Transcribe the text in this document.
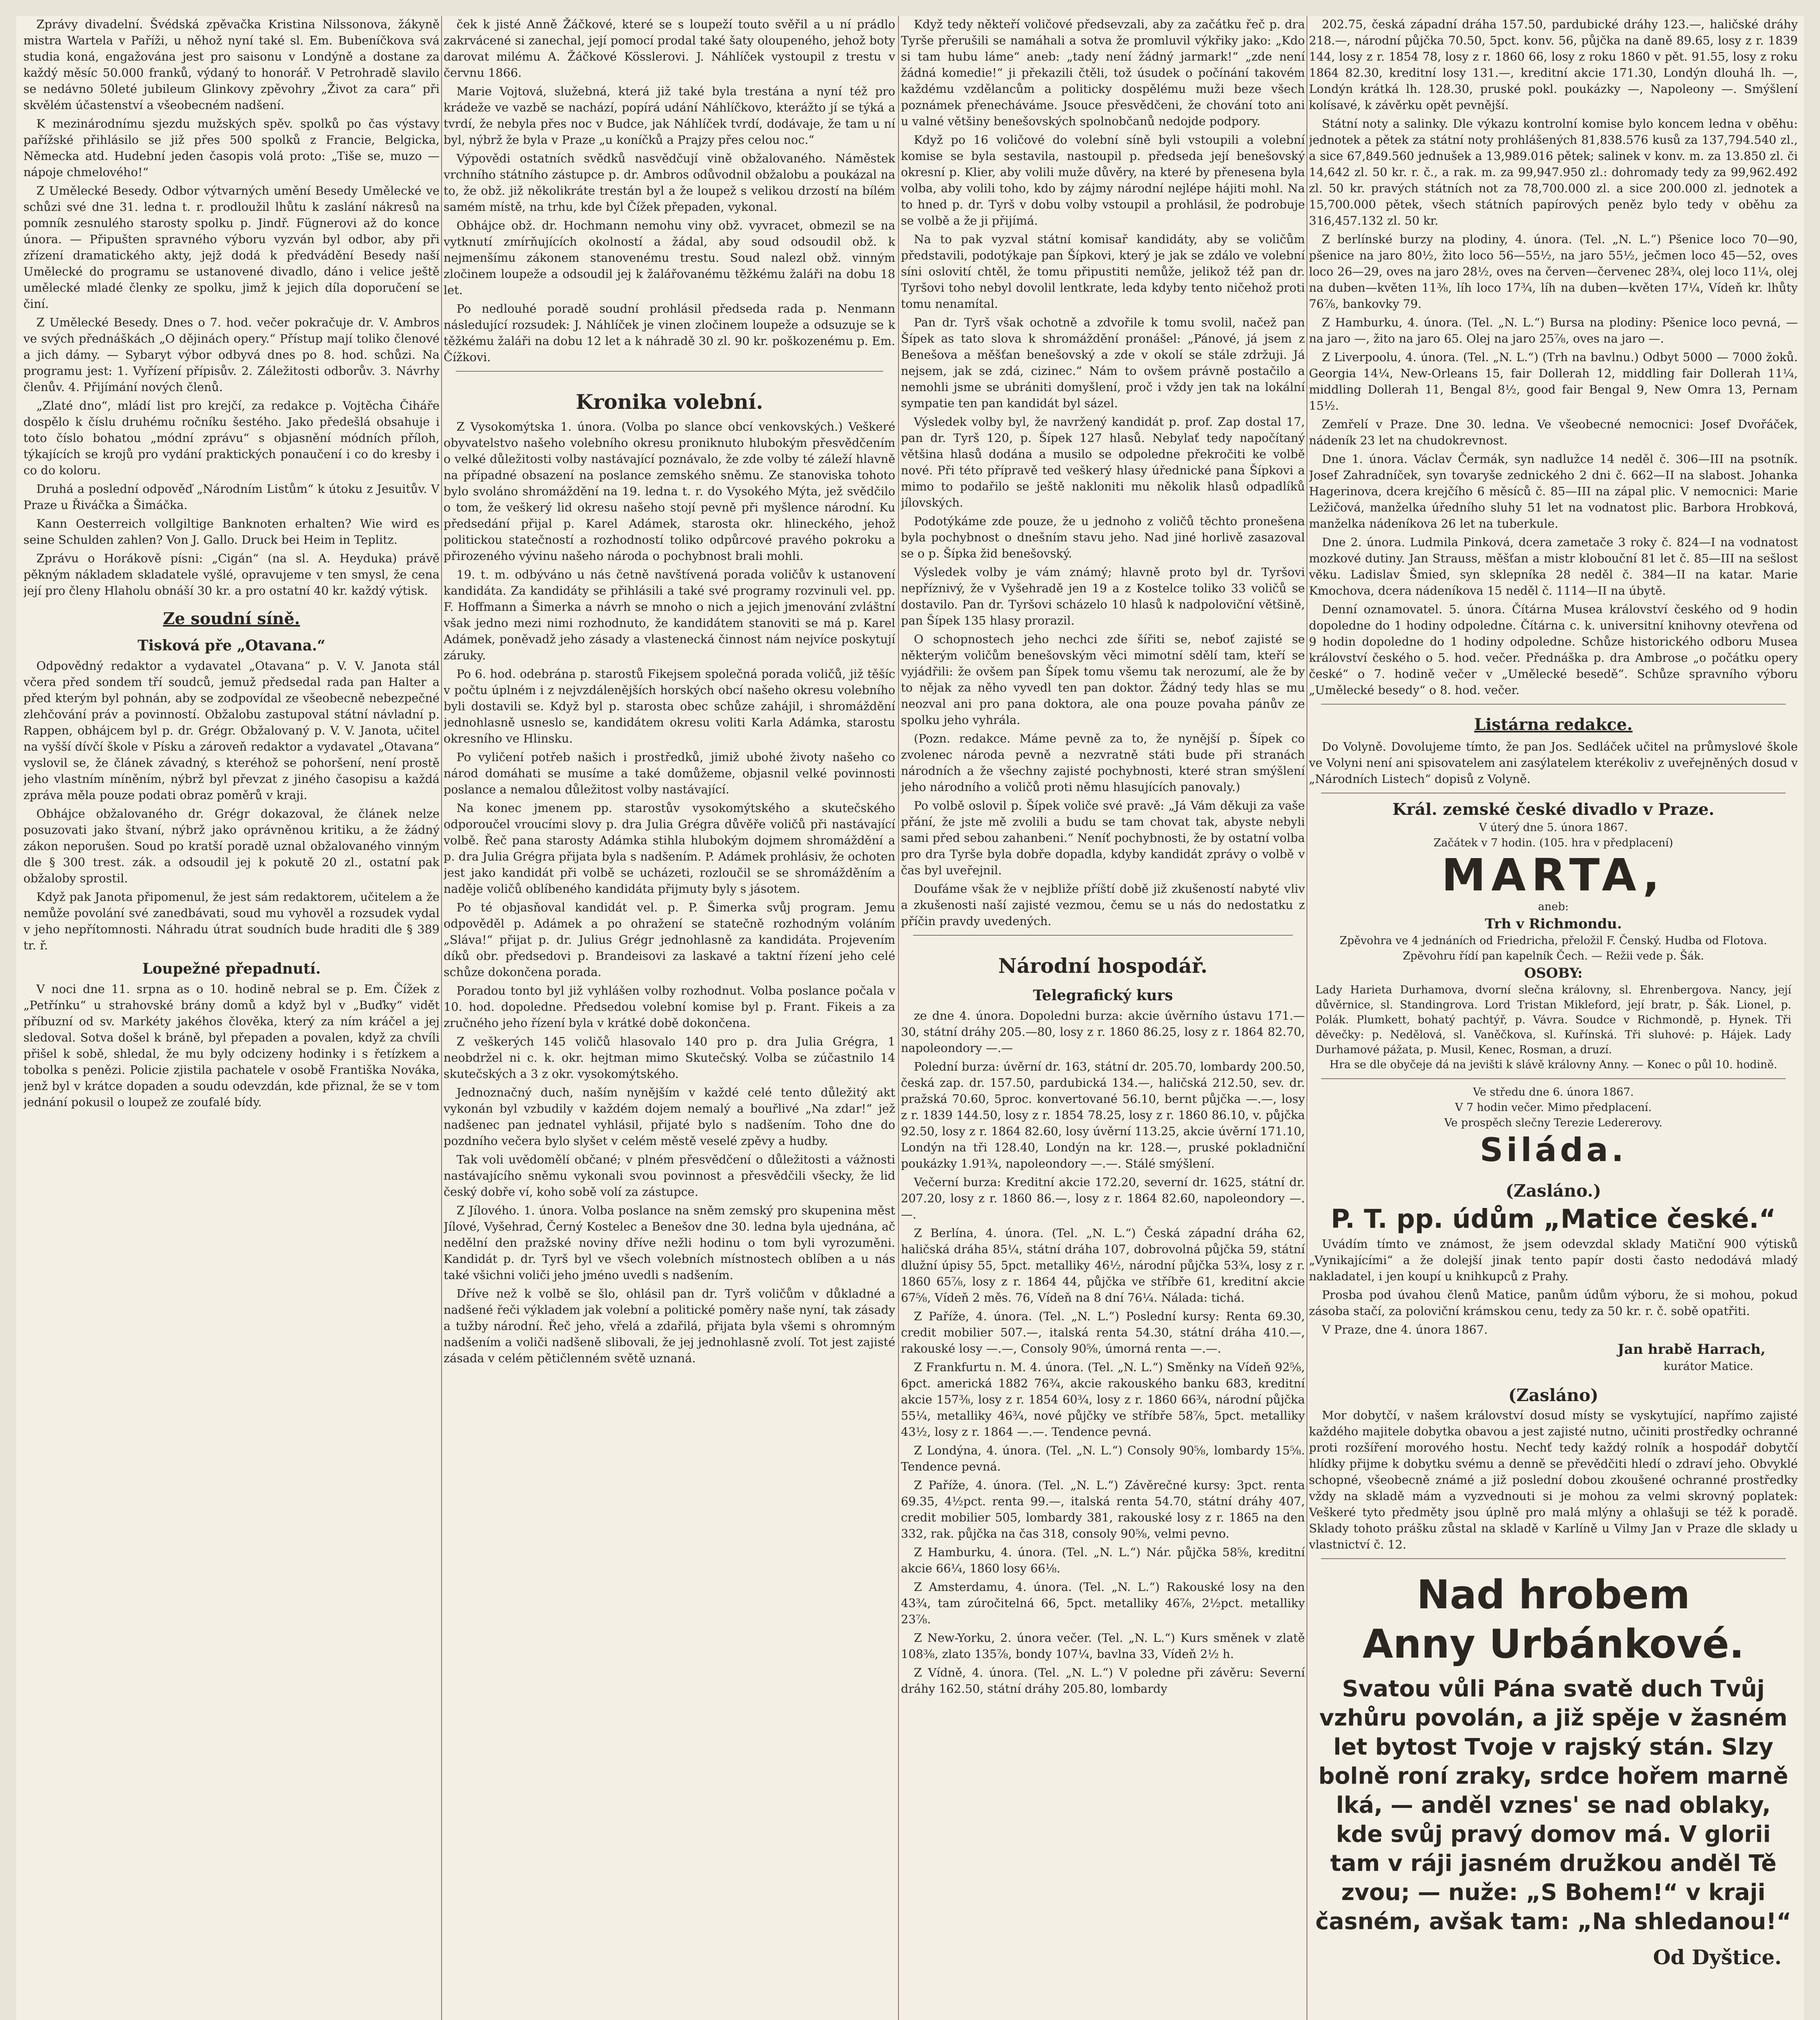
Zprávy divadelní. Švédská zpěvačka Kristina Nilssonova, žákyně mistra Wartela v Paříži, u něhož nyní také sl. Em. Bubeníčkova svá studia koná, engažována jest pro saisonu v Londýně a dostane za každý měsíc 50.000 franků, výdaný to honorář. V Petrohradě slavilo se nedávno 50leté jubileum Glinkovy zpěvohry „Život za cara“ při skvělém účastenství a všeobecném nadšení.

K mezinárodnímu sjezdu mužských spěv. spolků po čas výstavy pařížské přihlásilo se již přes 500 spolků z Francie, Belgicka, Německa atd. Hudební jeden časopis volá proto: „Tiše se, muzo — nápoje chmelového!“

Z Umělecké Besedy. Odbor výtvarných umění Besedy Umělecké ve schůzi své dne 31. ledna t. r. prodloužil lhůtu k zaslání nákresů na pomník zesnulého starosty spolku p. Jindř. Fügnerovi až do konce února. — Připušten spravného výboru vyzván byl odbor, aby při zřízení dramatického akty, jejž dodá k předvádění Besedy naší Umělecké do programu se ustanovené divadlo, dáno i velice ještě umělecké mladé členky ze spolku, jimž k jejich díla doporučení se činí.

Z Umělecké Besedy. Dnes o 7. hod. večer pokračuje dr. V. Ambros ve svých přednáškách „O dějinách opery.“ Přístup mají toliko členové a jich dámy. — Sybaryt výbor odbyvá dnes po 8. hod. schůzi. Na programu jest: 1. Vyřízení přípisův. 2. Záležitosti odborův. 3. Návrhy členův. 4. Přijímání nových členů.

„Zlaté dno“, mládí list pro krejčí, za redakce p. Vojtěcha Čiháře dospělo k číslu druhému ročníku šestého. Jako předešlá obsahuje i toto číslo bohatou „módní zprávu“ s objasnění módních příloh, týkajících se krojů pro vydání praktických ponaučení i co do kresby i co do koloru.

Druhá a poslední odpověď „Národním Listům“ k útoku z Jesuitův. V Praze u Řiváčka a Šimáčka.

Kann Oesterreich vollgiltige Banknoten erhalten? Wie wird es seine Schulden zahlen? Von J. Gallo. Druck bei Heim in Teplitz.

Zprávu o Horákově písni: „Cigán“ (na sl. A. Heyduka) právě pěkným nákladem skladatele vyšlé, opravujeme v ten smysl, že cena její pro členy Hlaholu obnáší 30 kr. a pro ostatní 40 kr. každý výtisk.

Ze soudní síně.
Tisková pře „Otavana.“

Odpovědný redaktor a vydavatel „Otavana“ p. V. V. Janota stál včera před sondem tří soudců, jemuž předsedal rada pan Halter a před kterým byl pohnán, aby se zodpovídal ze všeobecně nebezpečné zlehčování práv a povinností. Obžalobu zastupoval státní návladní p. Rappen, obhájcem byl p. dr. Grégr. Obžalovaný p. V. V. Janota, učitel na vyšší dívčí škole v Písku a zároveň redaktor a vydavatel „Otavana“ vyslovil se, že článek závadný, s kteréhož se pohoršení, není prostě jeho vlastním míněním, nýbrž byl převzat z jiného časopisu a každá zpráva měla pouze podati obraz poměrů v kraji.

Obhájce obžalovaného dr. Grégr dokazoval, že článek nelze posuzovati jako štvaní, nýbrž jako oprávněnou kritiku, a že žádný zákon neporušen. Soud po kratší poradě uznal obžalovaného vinným dle § 300 trest. zák. a odsoudil jej k pokutě 20 zl., ostatní pak obžaloby sprostil.

Když pak Janota připomenul, že jest sám redaktorem, učitelem a že nemůže povolání své zanedbávati, soud mu vyhověl a rozsudek vydal v jeho nepřítomnosti. Náhradu útrat soudních bude hraditi dle § 389 tr. ř.

Loupežné přepadnutí.

V noci dne 11. srpna as o 10. hodině nebral se p. Em. Čížek z „Petřínku“ u strahovské brány domů a když byl v „Buďky“ vidět příbuzní od sv. Markéty jakéhos člověka, který za ním kráčel a jej sledoval. Sotva došel k bráně, byl přepaden a povalen, když za chvíli přišel k sobě, shledal, že mu byly odcizeny hodinky i s řetízkem a tobolka s penězi. Policie zjistila pachatele v osobě Františka Nováka, jenž byl v krátce dopaden a soudu odevzdán, kde přiznal, že se v tom jednání pokusil o loupež ze zoufalé bídy.

ček k jisté Anně Žáčkové, které se s loupeží touto svěřil a u ní prádlo zakrvácené si zanechal, její pomocí prodal také šaty oloupeného, jehož boty darovat milému A. Žáčkové Kösslerovi. J. Náhlíček vystoupil z trestu v červnu 1866.

Marie Vojtová, služebná, která již také byla trestána a nyní též pro krádeže ve vazbě se nachází, popírá udání Náhlíčkovo, kterážto jí se týká a tvrdí, že nebyla přes noc v Budce, jak Náhlíček tvrdí, dodávaje, že tam u ní byl, nýbrž že byla v Praze „u koníčků a Prajzy přes celou noc.“

Výpovědi ostatních svědků nasvědčují vině obžalovaného. Náměstek vrchního státního zástupce p. dr. Ambros odůvodnil obžalobu a poukázal na to, že obž. již několikráte trestán byl a že loupež s velikou drzostí na bílém samém místě, na trhu, kde byl Čížek přepaden, vykonal.

Obhájce obž. dr. Hochmann nemohu viny obž. vyvracet, obmezil se na vytknutí zmírňujících okolností a žádal, aby soud odsoudil obž. k nejmenšímu zákonem stanovenému trestu. Soud nalezl obž. vinným zločinem loupeže a odsoudil jej k žalářovanému těžkému žaláři na dobu 18 let.

Po nedlouhé poradě soudní prohlásil předseda rada p. Nenmann následující rozsudek: J. Náhlíček je vinen zločinem loupeže a odsuzuje se k těžkému žaláři na dobu 12 let a k náhradě 30 zl. 90 kr. poškozenému p. Em. Čížkovi.

Kronika volební.

Z Vysokomýtska 1. února. (Volba po slance obcí venkovských.) Veškeré obyvatelstvo našeho volebního okresu proniknuto hlubokým přesvědčením o velké důležitosti volby nastávající poznávalo, že zde volby té záleží hlavně na případné obsazení na poslance zemského sněmu. Ze stanoviska tohoto bylo svoláno shromáždění na 19. ledna t. r. do Vysokého Mýta, jež svědčilo o tom, že veškerý lid okresu našeho stojí pevně při myšlence národní. Ku předsedání přijal p. Karel Adámek, starosta okr. hlineckého, jehož politickou statečností a rozhodností toliko odpůrcové pravého pokroku a přirozeného vývinu našeho národa o pochybnost brali mohli.

19. t. m. odbýváno u nás četně navštívená porada voličův k ustanovení kandidáta. Za kandidáty se přihlásili a také své programy rozvinuli vel. pp. F. Hoffmann a Šimerka a návrh se mnoho o nich a jejich jmenování zvláštní však jedno mezi nimi rozhodnuto, že kandidátem stanoviti se má p. Karel Adámek, poněvadž jeho zásady a vlastenecká činnost nám nejvíce poskytují záruky.

Po 6. hod. odebrána p. starostů Fikejsem společná porada voličů, již těšíc v počtu úplném i z nejvzdálenějších horských obcí našeho okresu volebního byli dostavili se. Když byl p. starosta obec schůze zahájil, i shromáždění jednohlasně usneslo se, kandidátem okresu voliti Karla Adámka, starostu okresního ve Hlinsku.

Po vyličení potřeb našich i prostředků, jimiž ubohé životy našeho co národ domáhati se musíme a také domůžeme, objasnil velké povinnosti poslance a nemalou důležitost volby nastávající.

Na konec jmenem pp. starostův vysokomýtského a skutečského odporoučel vroucími slovy p. dra Julia Grégra důvěře voličů při nastávající volbě. Řeč pana starosty Adámka stihla hlubokým dojmem shromáždění a p. dra Julia Grégra přijata byla s nadšením. P. Adámek prohlásiv, že ochoten jest jako kandidát při volbě se ucházeti, rozloučil se se shromážděním a naděje voličů oblíbeného kandidáta přijmuty byly s jásotem.

Po té objasňoval kandidát vel. p. P. Šimerka svůj program. Jemu odpověděl p. Adámek a po ohražení se statečně rozhodným voláním „Sláva!“ přijat p. dr. Julius Grégr jednohlasně za kandidáta. Projevením díků obr. předsedovi p. Brandeisovi za laskavé a taktní řízení jeho celé schůze dokončena porada.

Poradou tonto byl již vyhlášen volby rozhodnut. Volba poslance počala v 10. hod. dopoledne. Předsedou volební komise byl p. Frant. Fikeis a za zručného jeho řízení byla v krátké době dokončena.

Z veškerých 145 voličů hlasovalo 140 pro p. dra Julia Grégra, 1 neobdržel ni c. k. okr. hejtman mimo Skutečský. Volba se zúčastnilo 14 skutečských a 3 z okr. vysokomýtského.

Jednoznačný duch, naším nynějším v každé celé tento důležitý akt vykonán byl vzbudily v každém dojem nemalý a bouřlivé „Na zdar!“ jež nadšenec pan jednatel vyhlásil, přijaté bylo s nadšením. Toho dne do pozdního večera bylo slyšet v celém městě veselé zpěvy a hudby.

Tak voli uvědomělí občané; v plném přesvědčení o důležitosti a vážnosti nastávajícího sněmu vykonali svou povinnost a přesvědčili všecky, že lid český dobře ví, koho sobě volí za zástupce.

Z Jílového. 1. února. Volba poslance na sněm zemský pro skupenina měst Jílové, Vyšehrad, Černý Kostelec a Benešov dne 30. ledna byla ujednána, ač nedělní den pražské noviny dříve nežli hodinu o tom byli vyrozuměni. Kandidát p. dr. Tyrš byl ve všech volebních místnostech oblíben a u nás také všichni voliči jeho jméno uvedli s nadšením.

Dříve než k volbě se šlo, ohlásil pan dr. Tyrš voličům v důkladné a nadšené řeči výkladem jak volební a politické poměry naše nyní, tak zásady a tužby národní. Řeč jeho, vřelá a zdařilá, přijata byla všemi s ohromným nadšením a voliči nadšeně slibovali, že jej jednohlasně zvolí. Tot jest zajisté zásada v celém pětičlenném světě uznaná.

Když tedy někteří voličové předsevzali, aby za začátku řeč p. dra Tyrše přerušili se namáhali a sotva že promluvil výkřiky jako: „Kdo si tam hubu láme“ aneb: „tady není žádný jarmark!“ „zde není žádná komedie!“ ji překazili čtěli, tož úsudek o počínání takovém každému vzdělancům a politicky dospělému muži beze všech poznámek přenecháváme. Jsouce přesvědčeni, že chování toto ani u valné většiny benešovských spolnobčanů nedojde podpory.

Když po 16 voličové do volební síně byli vstoupili a volební komise se byla sestavila, nastoupil p. předseda její benešovský okresní p. Klier, aby volili muže důvěry, na které by přenesena byla volba, aby volili toho, kdo by zájmy národní nejlépe hájiti mohl. Na to hned p. dr. Tyrš v dobu volby vstoupil a prohlásil, že podrobuje se volbě a že ji přijímá.

Na to pak vyzval státní komisař kandidáty, aby se voličům představili, podotýkaje pan Šípkovi, který je jak se zdálo ve volební síni oslovití chtěl, že tomu připustiti nemůže, jelikož též pan dr. Tyršovi toho nebyl dovolil lentkrate, leda kdyby tento ničehož proti tomu nenamítal.

Pan dr. Tyrš však ochotně a zdvořile k tomu svolil, načež pan Šípek as tato slova k shromáždění pronášel: „Pánové, já jsem z Benešova a měšťan benešovský a zde v okolí se stále zdržuji. Já nejsem, jak se zdá, cizinec.“ Nám to ovšem právně postačilo a nemohli jsme se ubrániti domyšlení, proč i vždy jen tak na lokální sympatie ten pan kandidát byl sázel.

Výsledek volby byl, že navržený kandidát p. prof. Zap dostal 17, pan dr. Tyrš 120, p. Šípek 127 hlasů. Nebylať tedy napočítaný většina hlasů dodána a musilo se odpoledne překročiti ke volbě nové. Při této přípravě ted veškerý hlasy úřednické pana Šípkovi a mimo to podařilo se ještě nakloniti mu několik hlasů odpadlíků jílovských.

Podotýkáme zde pouze, že u jednoho z voličů těchto pronešena byla pochybnost o dnešním stavu jeho. Nad jiné horlivě zasazoval se o p. Šípka žid benešovský.

Výsledek volby je vám známý; hlavně proto byl dr. Tyršovi nepříznivý, že v Vyšehradě jen 19 a z Kostelce toliko 33 voličů se dostavilo. Pan dr. Tyršovi scházelo 10 hlasů k nadpoloviční většině, pan Šípek 135 hlasy prorazil.

O schopnostech jeho nechci zde šířiti se, neboť zajisté se některým voličům benešovským věci mimotní sdělí tam, kteří se vyjádřili: že ovšem pan Šípek tomu všemu tak nerozumí, ale že by to nějak za něho vyvedl ten pan doktor. Žádný tedy hlas se mu neozval ani pro pana doktora, ale ona pouze povaha pánův ze spolku jeho vyhrála.

(Pozn. redakce. Máme pevně za to, že nynější p. Šípek co zvolenec národa pevně a nezvratně státi bude při stranách národních a že všechny zajisté pochybnosti, které stran smýšlení jeho národního a voličů proti němu hlasujících panovaly.)

Po volbě oslovil p. Šípek voliče své pravě: „Já Vám děkuji za vaše přání, že jste mě zvolili a budu se tam chovat tak, abyste nebyli sami před sebou zahanbeni.“ Neníť pochybnosti, že by ostatní volba pro dra Tyrše byla dobře dopadla, kdyby kandidát zprávy o volbě v čas byl uveřejnil.

Doufáme však že v nejbliže příští době již zkušeností nabyté vliv a zkušenosti naší zajisté vezmou, čemu se u nás do nedostatku z příčin pravdy uvedených.

Národní hospodář.
Telegrafický kurs

ze dne 4. února. Dopoledni burza: akcie úvěrního ústavu 171.—30, státní dráhy 205.—80, losy z r. 1860 86.25, losy z r. 1864 82.70, napoleondory —.—

Polední burza: úvěrní dr. 163, státní dr. 205.70, lombardy 200.50, česká zap. dr. 157.50, pardubická 134.—, haličská 212.50, sev. dr. pražská 70.60, 5proc. konvertované 56.10, bernt půjčka —.—, losy z r. 1839 144.50, losy z r. 1854 78.25, losy z r. 1860 86.10, v. půjčka 92.50, losy z r. 1864 82.60, losy úvěrní 113.25, akcie úvěrní 171.10, Londýn na tři 128.40, Londýn na kr. 128.—, pruské pokladniční poukázky 1.91¾, napoleondory —.—. Stálé smýšlení.

Večerní burza: Kreditní akcie 172.20, severní dr. 1625, státní dr. 207.20, losy z r. 1860 86.—, losy z r. 1864 82.60, napoleondory —.—.

Z Berlína, 4. února. (Tel. „N. L.“) Česká západní dráha 62, haličská dráha 85¼, státní dráha 107, dobrovolná půjčka 59, státní dlužní úpisy 55, 5pct. metalliky 46½, národní půjčka 53¾, losy z r. 1860 65⅞, losy z r. 1864 44, půjčka ve stříbře 61, kreditní akcie 67⅝, Vídeň 2 měs. 76, Vídeň na 8 dní 76¼. Nálada: tichá.

Z Paříže, 4. února. (Tel. „N. L.“) Poslední kursy: Renta 69.30, credit mobilier 507.—, italská renta 54.30, státní dráha 410.—, rakouské losy —.—, Consoly 90⅝, úmorná renta —.—.

Z Frankfurtu n. M. 4. února. (Tel. „N. L.“) Směnky na Vídeň 92⅝, 6pct. americká 1882 76¾, akcie rakouského banku 683, kreditní akcie 157⅜, losy z r. 1854 60¾, losy z r. 1860 66¾, národní půjčka 55¼, metalliky 46¾, nové půjčky ve stříbře 58⅞, 5pct. metalliky 43½, losy z r. 1864 —.—. Tendence pevná.

Z Londýna, 4. února. (Tel. „N. L.“) Consoly 90⅝, lombardy 15⅝. Tendence pevná.

Z Paříže, 4. února. (Tel. „N. L.“) Závěrečné kursy: 3pct. renta 69.35, 4½pct. renta 99.—, italská renta 54.70, státní dráhy 407, credit mobilier 505, lombardy 381, rakouské losy z r. 1865 na den 332, rak. půjčka na čas 318, consoly 90⅝, velmi pevno.

Z Hamburku, 4. února. (Tel. „N. L.“) Nár. půjčka 58⅝, kreditní akcie 66¼, 1860 losy 66⅛.

Z Amsterdamu, 4. února. (Tel. „N. L.“) Rakouské losy na den 43¾, tam zúročitelná 66, 5pct. metalliky 46⅞, 2½pct. metalliky 23⅞.

Z New-Yorku, 2. února večer. (Tel. „N. L.“) Kurs směnek v zlatě 108⅜, zlato 135⅞, bondy 107¼, bavlna 33, Vídeň 2½ h.

Z Vídně, 4. února. (Tel. „N. L.“) V poledne při závěru: Severní dráhy 162.50, státní dráhy 205.80, lombardy

202.75, česká západní dráha 157.50, pardubické dráhy 123.—, haličské dráhy 218.—, národní půjčka 70.50, 5pct. konv. 56, půjčka na daně 89.65, losy z r. 1839 144, losy z r. 1854 78, losy z r. 1860 66, losy z roku 1860 v pět. 91.55, losy z roku 1864 82.30, kreditní losy 131.—, kreditní akcie 171.30, Londýn dlouhá lh. —, Londýn krátká lh. 128.30, pruské pokl. poukázky —, Napoleony —. Smýšlení kolísavé, k závěrku opět pevnější.

Státní noty a salinky. Dle výkazu kontrolní komise bylo koncem ledna v oběhu: jednotek a pětek za státní noty prohlášených 81,838.576 kusů za 137,794.540 zl., a sice 67,849.560 jednušek a 13,989.016 pětek; salinek v konv. m. za 13.850 zl. či 14,642 zl. 50 kr. r. č., a rak. m. za 99,947.950 zl.: dohromady tedy za 99,962.492 zl. 50 kr. pravých státních not za 78,700.000 zl. a sice 200.000 zl. jednotek a 15,700.000 pětek, všech státních papírových peněz bylo tedy v oběhu za 316,457.132 zl. 50 kr.

Z berlínské burzy na plodiny, 4. února. (Tel. „N. L.“) Pšenice loco 70—90, pšenice na jaro 80½, žito loco 56—55½, na jaro 55½, ječmen loco 45—52, oves loco 26—29, oves na jaro 28½, oves na červen—červenec 28¾, olej loco 11¼, olej na duben—květen 11⅜, líh loco 17¾, líh na duben—květen 17¼, Vídeň kr. lhůty 76⅞, bankovky 79.

Z Hamburku, 4. února. (Tel. „N. L.“) Bursa na plodiny: Pšenice loco pevná, — na jaro —, žito na jaro 65. Olej na jaro 25⅞, oves na jaro —.

Z Liverpoolu, 4. února. (Tel. „N. L.“) (Trh na bavlnu.) Odbyt 5000 — 7000 žoků. Georgia 14¼, New-Orleans 15, fair Dollerah 12, middling fair Dollerah 11¼, middling Dollerah 11, Bengal 8½, good fair Bengal 9, New Omra 13, Pernam 15½.

Zemřelí v Praze. Dne 30. ledna. Ve všeobecné nemocnici: Josef Dvořáček, nádeník 23 let na chudokrevnost.

Dne 1. února. Václav Čermák, syn nadlužce 14 neděl č. 306—III na psotník. Josef Zahradníček, syn tovaryše zednického 2 dni č. 662—II na slabost. Johanka Hagerinova, dcera krejčího 6 měsíců č. 85—III na zápal plic. V nemocnici: Marie Ležičová, manželka úředního sluhy 51 let na vodnatost plic. Barbora Hrobková, manželka nádeníkova 26 let na tuberkule.

Dne 2. února. Ludmila Pinková, dcera zametače 3 roky č. 824—I na vodnatost mozkové dutiny. Jan Strauss, měšťan a mistr klobouční 81 let č. 85—III na sešlost věku. Ladislav Šmied, syn sklepníka 28 neděl č. 384—II na katar. Marie Kmochova, dcera nádeníkova 15 neděl č. 1114—II na úbytě.

Denní oznamovatel. 5. února. Čítárna Musea království českého od 9 hodin dopoledne do 1 hodiny odpoledne. Čítárna c. k. universitní knihovny otevřena od 9 hodin dopoledne do 1 hodiny odpoledne. Schůze historického odboru Musea království českého o 5. hod. večer. Přednáška p. dra Ambrose „o počátku opery české“ o 7. hodině večer v „Umělecké besedě“. Schůze spravního výboru „Umělecké besedy“ o 8. hod. večer.

Listárna redakce.

Do Volyně. Dovolujeme tímto, že pan Jos. Sedláček učitel na průmyslové škole ve Volyni není ani spisovatelem ani zasýlatelem kterékoliv z uveřejněných dosud v „Národních Listech“ dopisů z Volyně.

Král. zemské české divadlo v Praze.
V úterý dne 5. února 1867.
Začátek v 7 hodin. (105. hra v předplacení)
MARTA,
aneb:
Trh v Richmondu.
Zpěvohra ve 4 jednáních od Friedricha, přeložil F. Čenský. Hudba od Flotova.
Zpěvohru řídí pan kapelník Čech. — Režii vede p. Šák.
OSOBY:
Lady Harieta Durhamova, dvorní slečna královny, sl. Ehrenbergova. Nancy, její důvěrnice, sl. Standingrova. Lord Tristan Mikleford, její bratr, p. Šák. Lionel, p. Polák. Plumkett, bohatý pachtýř, p. Vávra. Soudce v Richmondě, p. Hynek. Tři děvečky: p. Nedělová, sl. Vaněčkova, sl. Kuřínská. Tři sluhové: p. Hájek. Lady Durhamové pážata, p. Musil, Kenec, Rosman, a druzí.
Hra se dle obyčeje dá na jevišti k slávě královny Anny. — Konec o půl 10. hodině.
Ve středu dne 6. února 1867.
V 7 hodin večer. Mimo předplacení.
Ve prospěch slečny Terezie Ledererovy.
Siláda.
(Zasláno.)
P. T. pp. údům „Matice české.“

Uvádím tímto ve známost, že jsem odevzdal sklady Matiční 900 výtisků „Vynikajícími“ a že dolejší jinak tento papír dosti často nedodává mladý nakladatel, i jen koupí u knihkupců z Prahy.

Prosba pod úvahou členů Matice, panům údům výboru, že si mohou, pokud zásoba stačí, za poloviční krámskou cenu, tedy za 50 kr. r. č. sobě opatřiti.

V Praze, dne 4. února 1867.

Jan hrabě Harrach,
kurátor Matice.
(Zasláno)

Mor dobytčí, v našem království dosud místy se vyskytující, napřímo zajisté každého majitele dobytka obavou a jest zajisté nutno, učiniti prostředky ochranné proti rozšíření morového hostu. Nechť tedy každý rolník a hospodář dobytčí hlídky přijme k dobytku svému a denně se převědčiti hledí o zdraví jeho. Obvyklé schopné, všeobecně známé a již poslední dobou zkoušené ochranné prostředky vždy na skladě mám a vyzvednouti si je mohou za velmi skrovný poplatek: Veškeré tyto předměty jsou úplně pro malá mlýny a ohlašuji se též k poradě. Sklady tohoto prášku zůstal na skladě v Karlíně u Vilmy Jan v Praze dle sklady u vlastnictví č. 12.

Nad hrobem
Anny Urbánkové.
Svatou vůli Pána svatě duch Tvůj vzhůru povolán, a již spěje v žasném let bytost Tvoje v rajský stán. Slzy bolně roní zraky, srdce hořem marně lká, — anděl vznes' se nad oblaky, kde svůj pravý domov má. V glorii tam v ráji jasném družkou anděl Tě zvou; — nuže: „S Bohem!“ v kraji časném, avšak tam: „Na shledanou!“
Od Dyštice.
